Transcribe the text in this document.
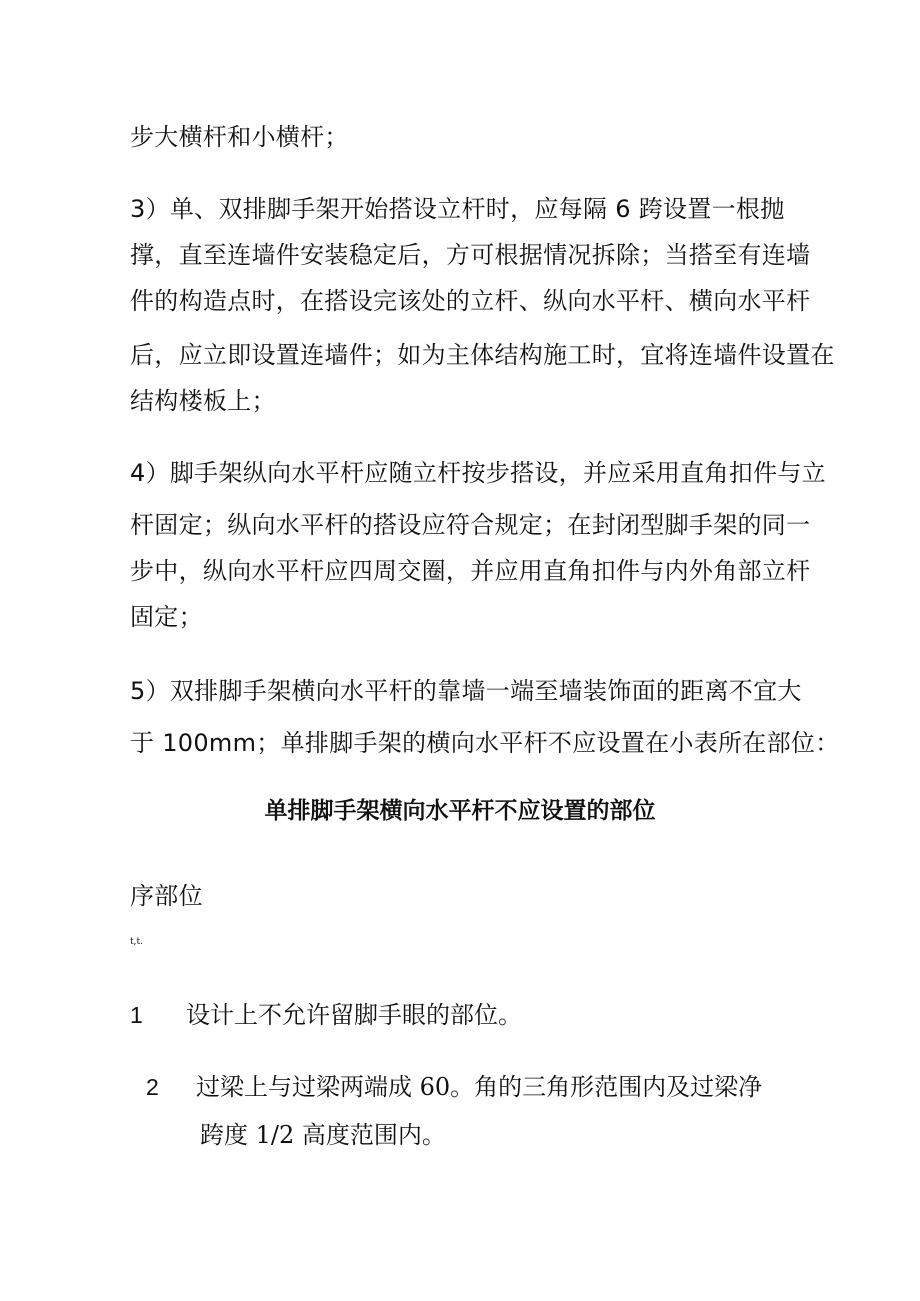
步大横杆和小横杆；
3）单、双排脚手架开始搭设立杆时，应每隔 6 跨设置一根抛
撑，直至连墙件安装稳定后，方可根据情况拆除；当搭至有连墙
件的构造点时，在搭设完该处的立杆、纵向水平杆、横向水平杆
后，应立即设置连墙件；如为主体结构施工时，宜将连墙件设置在
结构楼板上；
4）脚手架纵向水平杆应随立杆按步搭设，并应采用直角扣件与立
杆固定；纵向水平杆的搭设应符合规定；在封闭型脚手架的同一
步中，纵向水平杆应四周交圈，并应用直角扣件与内外角部立杆
固定；
5）双排脚手架横向水平杆的靠墙一端至墙装饰面的距离不宜大
于 100mm；单排脚手架的横向水平杆不应设置在小表所在部位：
单排脚手架横向水平杆不应设置的部位
序部位
t,t.
1 设计上不允许留脚手眼的部位。
2 过梁上与过梁两端成 60。角的三角形范围内及过梁净
跨度 1/2 高度范围内。
